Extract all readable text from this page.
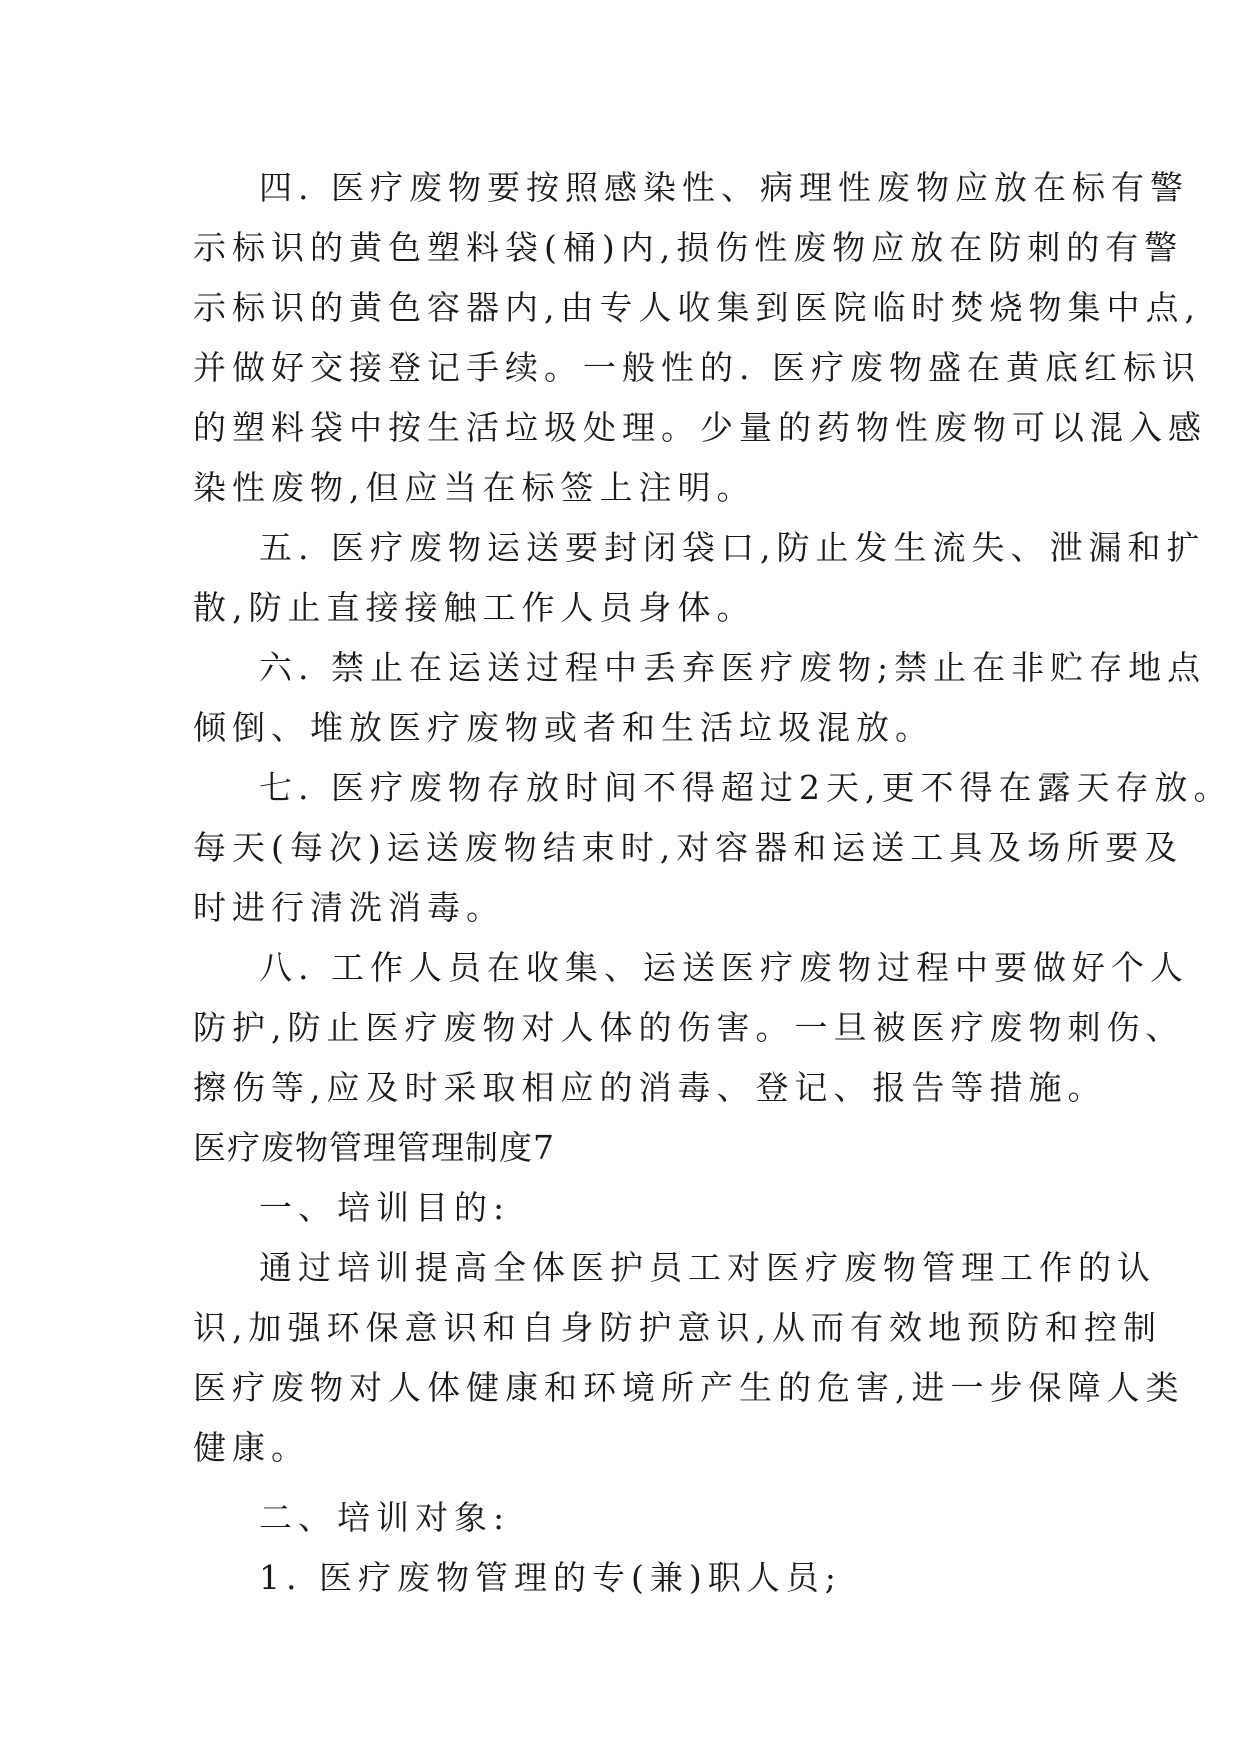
四. 医疗废物要按照感染性、病理性废物应放在标有警
示标识的黄色塑料袋(桶)内,损伤性废物应放在防刺的有警
示标识的黄色容器内,由专人收集到医院临时焚烧物集中点,
并做好交接登记手续。一般性的. 医疗废物盛在黄底红标识
的塑料袋中按生活垃圾处理。少量的药物性废物可以混入感
染性废物,但应当在标签上注明。
五. 医疗废物运送要封闭袋口,防止发生流失、泄漏和扩
散,防止直接接触工作人员身体。
六. 禁止在运送过程中丢弃医疗废物;禁止在非贮存地点
倾倒、堆放医疗废物或者和生活垃圾混放。
七. 医疗废物存放时间不得超过2天,更不得在露天存放。
每天(每次)运送废物结束时,对容器和运送工具及场所要及
时进行清洗消毒。
八. 工作人员在收集、运送医疗废物过程中要做好个人
防护,防止医疗废物对人体的伤害。一旦被医疗废物刺伤、
擦伤等,应及时采取相应的消毒、登记、报告等措施。
医疗废物管理管理制度7
一、培训目的:
通过培训提高全体医护员工对医疗废物管理工作的认
识,加强环保意识和自身防护意识,从而有效地预防和控制
医疗废物对人体健康和环境所产生的危害,进一步保障人类
健康。
二、培训对象:
1. 医疗废物管理的专(兼)职人员;
